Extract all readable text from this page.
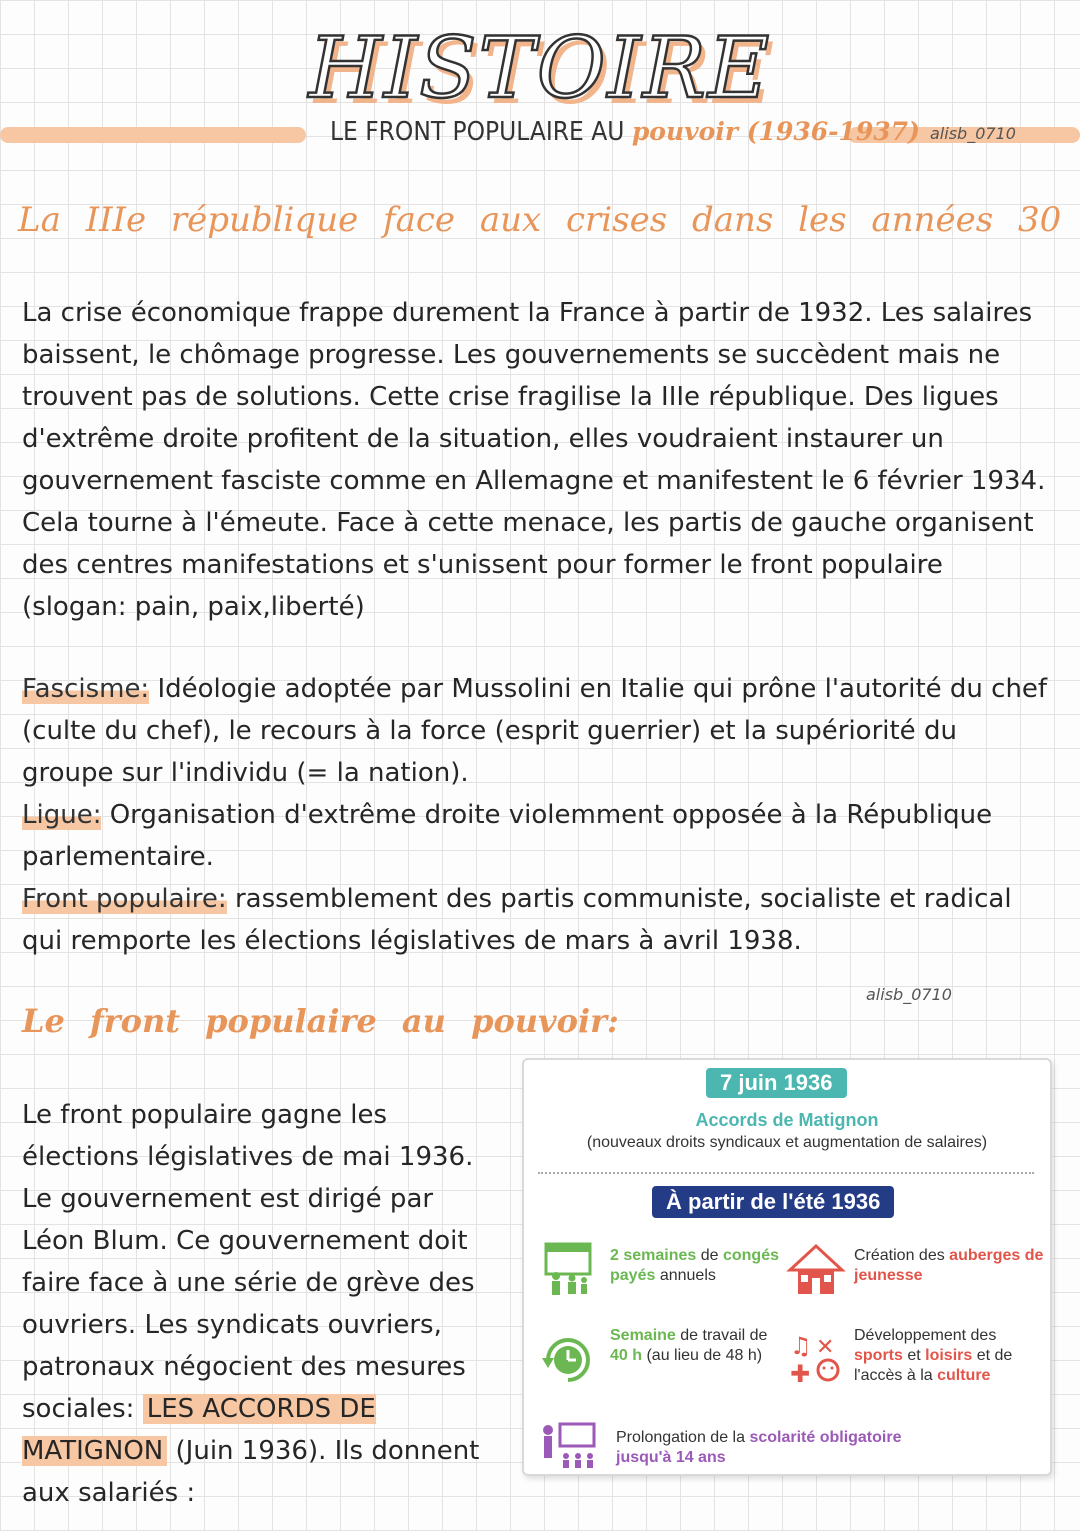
HISTOIRE
LE FRONT POPULAIRE AU pouvoir (1936-1937) alisb_0710
La IIIe république face aux crises dans les années 30

La crise économique frappe durement la France à partir de 1932. Les salaires baissent, le chômage progresse. Les gouvernements se succèdent mais ne trouvent pas de solutions. Cette crise fragilise la IIIe république. Des ligues d'extrême droite profitent de la situation, elles voudraient instaurer un gouvernement fasciste comme en Allemagne et manifestent le 6 février 1934. Cela tourne à l'émeute. Face à cette menace, les partis de gauche organisent des centres manifestations et s'unissent pour former le front populaire (slogan: pain, paix,liberté)

Fascisme: Idéologie adoptée par Mussolini en Italie qui prône l'autorité du chef (culte du chef), le recours à la force (esprit guerrier) et la supériorité du groupe sur l'individu (= la nation).

Ligue: Organisation d'extrême droite violemment opposée à la République parlementaire.

Front populaire: rassemblement des partis communiste, socialiste et radical qui remporte les élections législatives de mars à avril 1938.

alisb_0710
Le front populaire au pouvoir:

Le front populaire gagne les élections législatives de mai 1936. Le gouvernement est dirigé par Léon Blum. Ce gouvernement doit faire face à une série de grève des ouvriers. Les syndicats ouvriers, patronaux négocient des mesures sociales: LES ACCORDS DE MATIGNON (Juin 1936). Ils donnent aux salariés :

7 juin 1936
Accords de Matignon
(nouveaux droits syndicaux et augmentation de salaires)
À partir de l'été 1936
2 semaines de congés payés annuels
Création des auberges de jeunesse
Semaine de travail de 40 h (au lieu de 48 h)	♫ ✕
✚
Développement des sports et loisirs et de l'accès à la culture
Prolongation de la scolarité obligatoire
jusqu'à 14 ans
